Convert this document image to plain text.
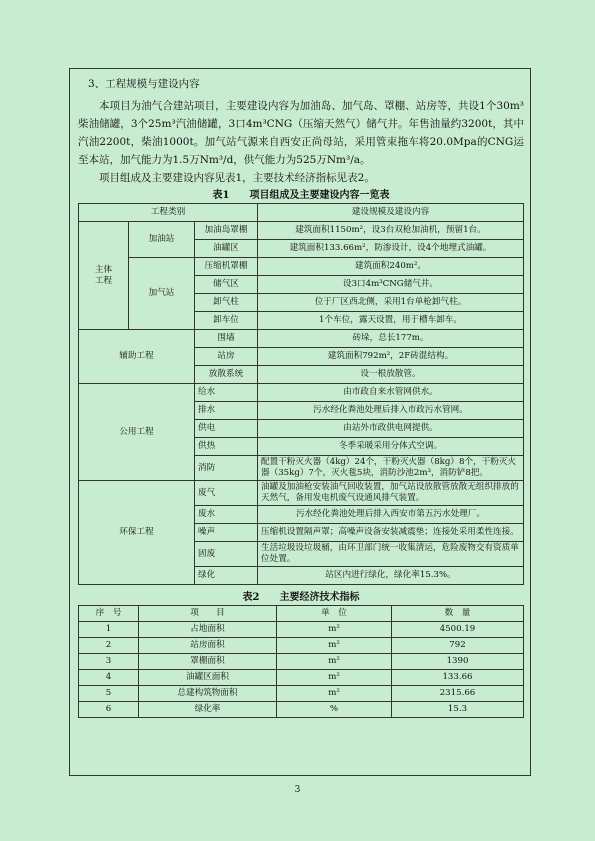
3、工程规模与建设内容

本项目为油气合建站项目，主要建设内容为加油岛、加气岛、罩棚、站房等，共设1个30m³柴油储罐，3个25m³汽油储罐，3口4m³CNG（压缩天然气）储气井。年售油量约3200t，其中汽油2200t，柴油1000t。加气站气源来自西安正尚母站，采用管束拖车将20.0Mpa的CNG运至本站，加气能力为1.5万Nm³/d，供气能力为525万Nm³/a。

项目组成及主要建设内容见表1，主要技术经济指标见表2。

表1　　项目组成及主要建设内容一览表
工程类别			建设规模及建设内容
主体
工程	加油站	加油岛罩棚	建筑面积1150m²，设3台双枪加油机，预留1台。
		油罐区	建筑面积133.66m²，防渗设计，设4个地埋式油罐。
	加气站	压缩机罩棚	建筑面积240m²。
		储气区	设3口4m³CNG储气井。
		卸气柱	位于厂区西北侧，采用1台单枪卸气柱。
		卸车位	1个车位，露天设置，用于槽车卸车。
辅助工程		围墙	砖垛，总长177m。
		站房	建筑面积792m²，2F砖混结构。
		放散系统	设一根放散管。
公用工程		给水	由市政自来水管网供水。
		排水	污水经化粪池处理后排入市政污水管网。
		供电	由站外市政供电网提供。
		供热	冬季采暖采用分体式空调。
		消防	配置干粉灭火器（4kg）24个，干粉灭火器（8kg）8个，干粉灭火器（35kg）7个，灭火毯5块，消防沙池2m³，消防铲8把。
环保工程		废气	油罐及加油枪安装油气回收装置，加气站设放散管放散无组织排放的天然气，备用发电机废气设通风排气装置。
		废水	污水经化粪池处理后排入西安市第五污水处理厂。
		噪声	压缩机设置隔声罩；高噪声设备安装减震垫；连接处采用柔性连接。
		固废	生活垃圾设垃圾桶，由环卫部门统一收集清运，危险废物交有资质单位处置。
		绿化	站区内进行绿化，绿化率15.3%。
表2　　主要经济技术指标
序　号	项　　目	单　位	数　量
1	占地面积	m²	4500.19
2	站房面积	m²	792
3	罩棚面积	m²	1390
4	油罐区面积	m²	133.66
5	总建构筑物面积	m²	2315.66
6	绿化率	%	15.3
3
